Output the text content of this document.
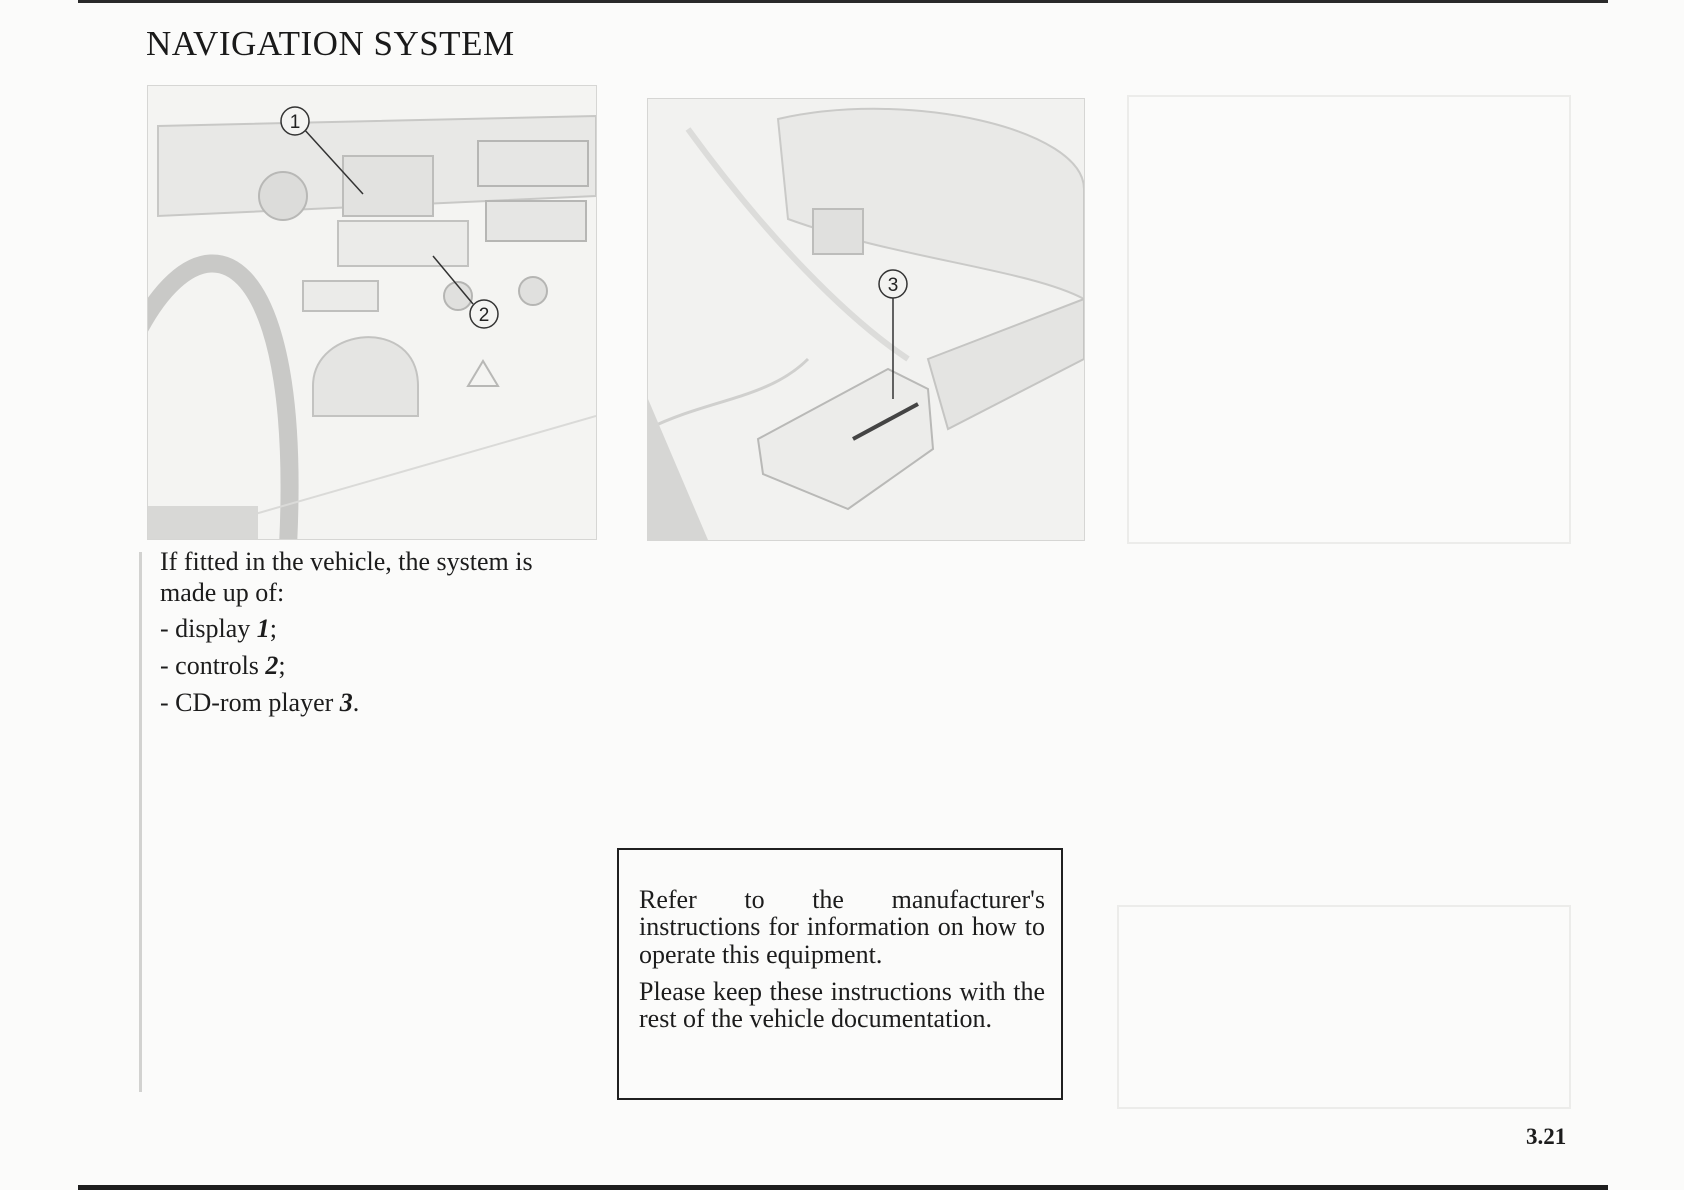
NAVIGATION SYSTEM
1
2
3

If fitted in the vehicle, the system is made up of:

- display 1;

- controls 2;

- CD-rom player 3.

Refer to the manufacturer's instructions for information on how to operate this equipment.

Please keep these instructions with the rest of the vehicle documentation.

3.21
